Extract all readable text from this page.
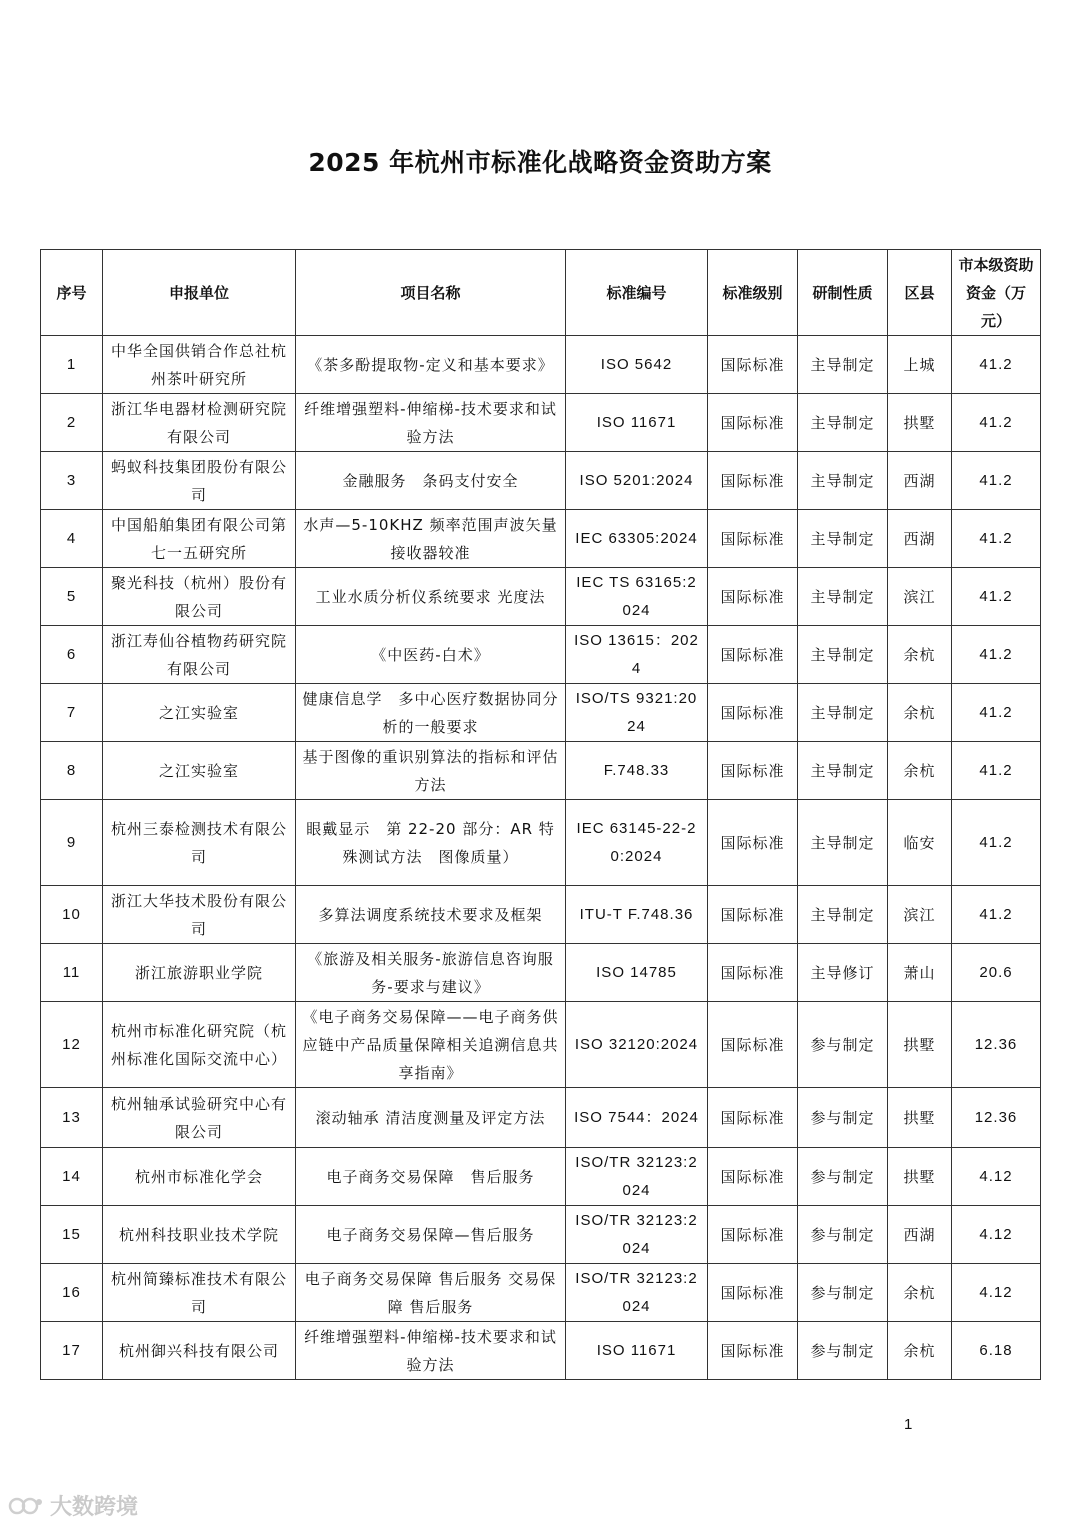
2025 年杭州市标准化战略资金资助方案
序号	申报单位	项目名称	标准编号	标准级别	研制性质	区县	市本级资助资金（万元）
1	中华全国供销合作总社杭州茶叶研究所	《茶多酚提取物-定义和基本要求》	ISO 5642	国际标准	主导制定	上城	41.2
2	浙江华电器材检测研究院有限公司	纤维增强塑料-伸缩梯-技术要求和试验方法	ISO 11671	国际标准	主导制定	拱墅	41.2
3	蚂蚁科技集团股份有限公司	金融服务　条码支付安全	ISO 5201:2024	国际标准	主导制定	西湖	41.2
4	中国船舶集团有限公司第七一五研究所	水声—5-10KHZ 频率范围声波矢量接收器较准	IEC 63305:2024	国际标准	主导制定	西湖	41.2
5	聚光科技（杭州）股份有限公司	工业水质分析仪系统要求 光度法	IEC TS 63165:2024	国际标准	主导制定	滨江	41.2
6	浙江寿仙谷植物药研究院有限公司	《中医药-白术》	ISO 13615：2024	国际标准	主导制定	余杭	41.2
7	之江实验室	健康信息学　多中心医疗数据协同分析的一般要求	ISO/TS 9321:2024	国际标准	主导制定	余杭	41.2
8	之江实验室	基于图像的重识别算法的指标和评估方法	F.748.33	国际标准	主导制定	余杭	41.2
9	杭州三泰检测技术有限公司	眼戴显示　第 22-20 部分：AR 特殊测试方法　图像质量）	IEC 63145-22-20:2024	国际标准	主导制定	临安	41.2
10	浙江大华技术股份有限公司	多算法调度系统技术要求及框架	ITU-T F.748.36	国际标准	主导制定	滨江	41.2
11	浙江旅游职业学院	《旅游及相关服务-旅游信息咨询服务-要求与建议》	ISO 14785	国际标准	主导修订	萧山	20.6
12	杭州市标准化研究院（杭州标准化国际交流中心）	《电子商务交易保障——电子商务供应链中产品质量保障相关追溯信息共享指南》	ISO 32120:2024	国际标准	参与制定	拱墅	12.36
13	杭州轴承试验研究中心有限公司	滚动轴承 清洁度测量及评定方法	ISO 7544：2024	国际标准	参与制定	拱墅	12.36
14	杭州市标准化学会	电子商务交易保障　售后服务	ISO/TR 32123:2024	国际标准	参与制定	拱墅	4.12
15	杭州科技职业技术学院	电子商务交易保障—售后服务	ISO/TR 32123:2024	国际标准	参与制定	西湖	4.12
16	杭州简臻标准技术有限公司	电子商务交易保障 售后服务 交易保障 售后服务	ISO/TR 32123:2024	国际标准	参与制定	余杭	4.12
17	杭州御兴科技有限公司	纤维增强塑料-伸缩梯-技术要求和试验方法	ISO 11671	国际标准	参与制定	余杭	6.18
1
大数跨境
